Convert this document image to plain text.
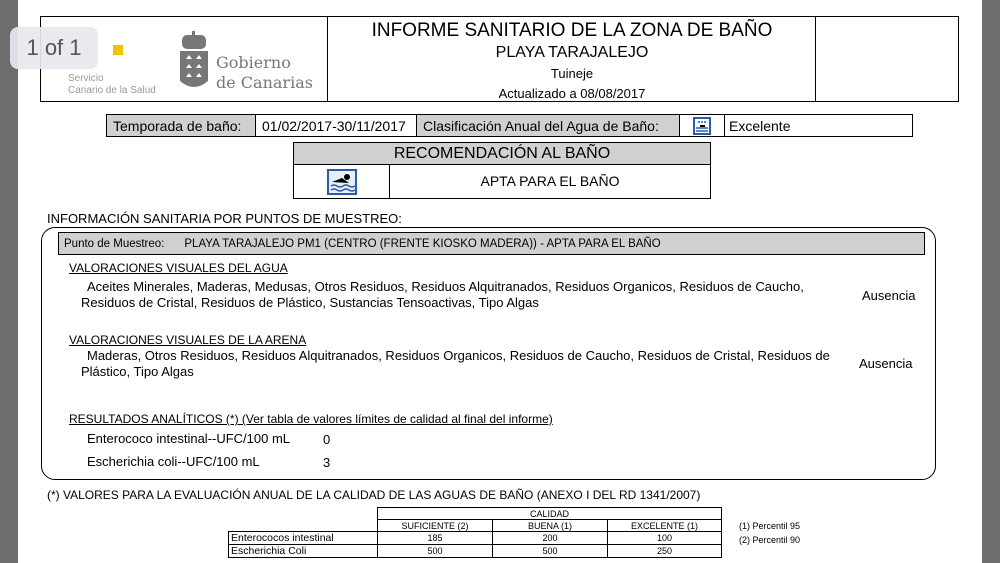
Servicio
Canario de la Salud
Gobierno
de Canarias
INFORME SANITARIO DE LA ZONA DE BAÑO
PLAYA TARAJALEJO
Tuineje
Actualizado a 08/08/2017
Temporada de baño:	01/02/2017-30/11/2017	Clasificación Anual del Agua de Baño:	Excelente
RECOMENDACIÓN AL BAÑO
APTA PARA EL BAÑO
INFORMACIÓN SANITARIA POR PUNTOS DE MUESTREO:
Punto de Muestreo: PLAYA TARAJALEJO PM1 (CENTRO (FRENTE KIOSKO MADERA)) - APTA PARA EL BAÑO
VALORACIONES VISUALES DEL AGUA
Aceites Minerales, Maderas, Medusas, Otros Residuos, Residuos Alquitranados, Residuos Organicos, Residuos de Caucho,
Residuos de Cristal, Residuos de Plástico, Sustancias Tensoactivas, Tipo Algas	Ausencia
VALORACIONES VISUALES DE LA ARENA
Maderas, Otros Residuos, Residuos Alquitranados, Residuos Organicos, Residuos de Caucho, Residuos de Cristal, Residuos de
Plástico, Tipo Algas
Ausencia
RESULTADOS ANALÍTICOS (*) (Ver tabla de valores límites de calidad al final del informe)
Enterococo intestinal--UFC/100 mL	0
Escherichia coli--UFC/100 mL	3
(*) VALORES PARA LA EVALUACIÓN ANUAL DE LA CALIDAD DE LAS AGUAS DE BAÑO (ANEXO I DEL RD 1341/2007)
	CALIDAD		
	SUFICIENTE (2)	BUENA (1)	EXCELENTE (1)
Enterococos intestinal	185	200	100
Escherichia Coli	500	500	250
(1) Percentil 95
(2) Percentil 90
1 of 1
